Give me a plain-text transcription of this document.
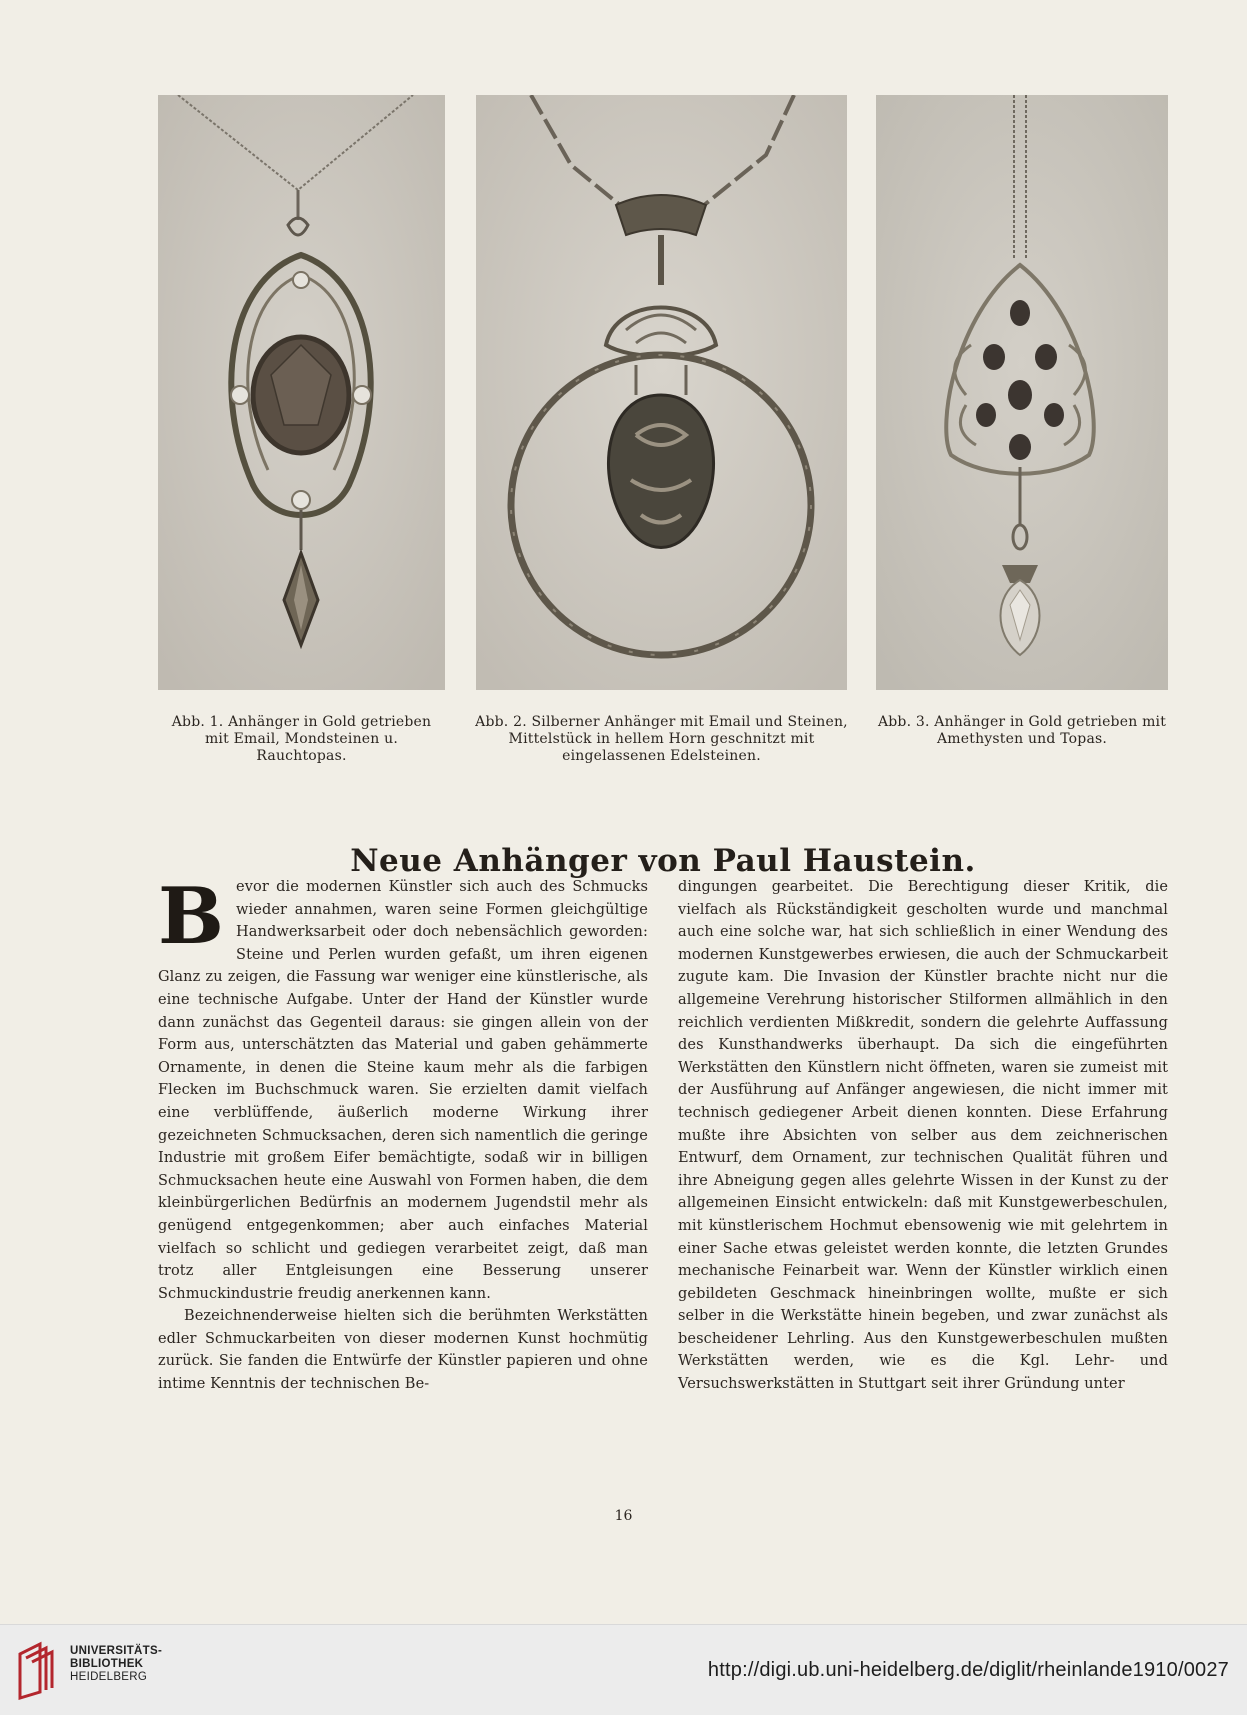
Abb. 1. Anhänger in Gold getrieben mit Email, Mondsteinen u. Rauchtopas.
Abb. 2. Silberner Anhänger mit Email und Steinen, Mittelstück in hellem Horn geschnitzt mit eingelassenen Edelsteinen.
Abb. 3. Anhänger in Gold getrieben mit Amethysten und Topas.
Neue Anhänger von Paul Haustein.

Bevor die modernen Künstler sich auch des Schmucks wieder annahmen, waren seine Formen gleichgültige Handwerksarbeit oder doch nebensächlich geworden: Steine und Perlen wurden gefaßt, um ihren eigenen Glanz zu zeigen, die Fassung war weniger eine künstlerische, als eine technische Aufgabe. Unter der Hand der Künstler wurde dann zunächst das Gegenteil daraus: sie gingen allein von der Form aus, unterschätzten das Material und gaben gehämmerte Ornamente, in denen die Steine kaum mehr als die farbigen Flecken im Buchschmuck waren. Sie erzielten damit vielfach eine verblüffende, äußerlich moderne Wirkung ihrer gezeichneten Schmucksachen, deren sich namentlich die geringe Industrie mit großem Eifer bemächtigte, sodaß wir in billigen Schmucksachen heute eine Auswahl von Formen haben, die dem kleinbürgerlichen Bedürfnis an modernem Jugendstil mehr als genügend entgegenkommen; aber auch einfaches Material vielfach so schlicht und gediegen verarbeitet zeigt, daß man trotz aller Entgleisungen eine Besserung unserer Schmuckindustrie freudig anerkennen kann.

Bezeichnenderweise hielten sich die berühmten Werkstätten edler Schmuckarbeiten von dieser modernen Kunst hochmütig zurück. Sie fanden die Entwürfe der Künstler papieren und ohne intime Kenntnis der technischen Be-

dingungen gearbeitet. Die Berechtigung dieser Kritik, die vielfach als Rückständigkeit gescholten wurde und manchmal auch eine solche war, hat sich schließlich in einer Wendung des modernen Kunstgewerbes erwiesen, die auch der Schmuckarbeit zugute kam. Die Invasion der Künstler brachte nicht nur die allgemeine Verehrung historischer Stilformen allmählich in den reichlich verdienten Mißkredit, sondern die gelehrte Auffassung des Kunsthandwerks überhaupt. Da sich die eingeführten Werkstätten den Künstlern nicht öffneten, waren sie zumeist mit der Ausführung auf Anfänger angewiesen, die nicht immer mit technisch gediegener Arbeit dienen konnten. Diese Erfahrung mußte ihre Absichten von selber aus dem zeichnerischen Entwurf, dem Ornament, zur technischen Qualität führen und ihre Abneigung gegen alles gelehrte Wissen in der Kunst zu der allgemeinen Einsicht entwickeln: daß mit Kunstgewerbeschulen, mit künstlerischem Hochmut ebensowenig wie mit gelehrtem in einer Sache etwas geleistet werden konnte, die letzten Grundes mechanische Feinarbeit war. Wenn der Künstler wirklich einen gebildeten Geschmack hineinbringen wollte, mußte er sich selber in die Werkstätte hinein begeben, und zwar zunächst als bescheidener Lehrling. Aus den Kunstgewerbeschulen mußten Werkstätten werden, wie es die Kgl. Lehr- und Versuchswerkstätten in Stuttgart seit ihrer Gründung unter

16
UNIVERSITÄTS-
BIBLIOTHEK
HEIDELBERG	http://digi.ub.uni-heidelberg.de/diglit/rheinlande1910/0027
